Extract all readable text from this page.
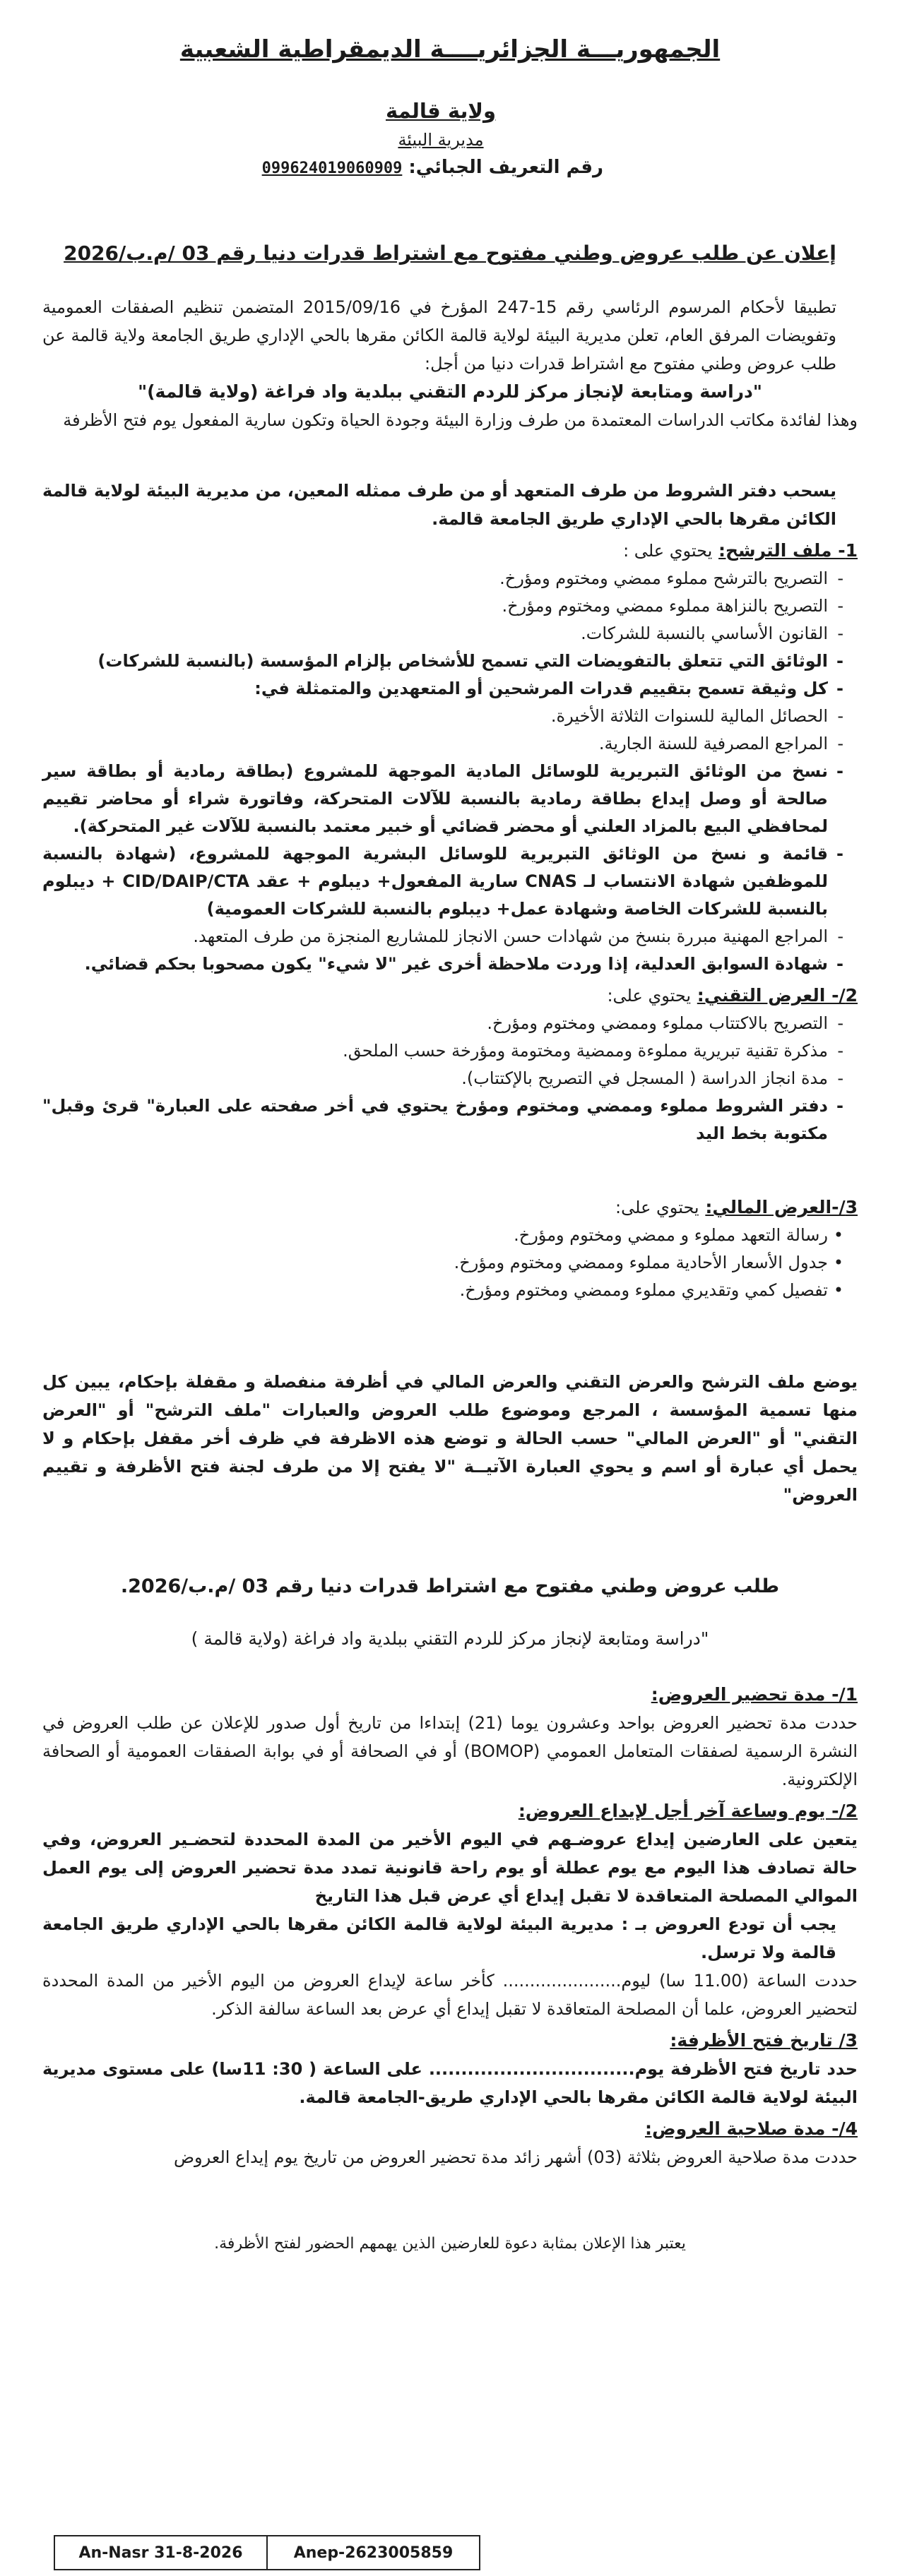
الجمهوريـــة الجزائريــــة الديمقراطية الشعبية
ولاية قالمة
مديرية البيئة
رقم التعريف الجبائي: 099624019060909
إعلان عن طلب عروض وطني مفتوح مع اشتراط قدرات دنيا رقم 03 /م.ب/2026

تطبيقا لأحكام المرسوم الرئاسي رقم 15-247 المؤرخ في 2015/09/16 المتضمن تنظيم الصفقات العمومية وتفويضات المرفق العام، تعلن مديرية البيئة لولاية قالمة الكائن مقرها بالحي الإداري طريق الجامعة ولاية قالمة عن طلب عروض وطني مفتوح مع اشتراط قدرات دنيا من أجل:

"دراسة ومتابعة لإنجاز مركز للردم التقني ببلدية واد فراغة (ولاية قالمة)"

وهذا لفائدة مكاتب الدراسات المعتمدة من طرف وزارة البيئة وجودة الحياة وتكون سارية المفعول يوم فتح الأظرفة

يسحب دفتر الشروط من طرف المتعهد أو من طرف ممثله المعين، من مديرية البيئة لولاية قالمة الكائن مقرها بالحي الإداري طريق الجامعة قالمة.

1- ملف الترشح: يحتوي على :
- التصريح بالترشح مملوء ممضي ومختوم ومؤرخ.
- التصريح بالنزاهة مملوء ممضي ومختوم ومؤرخ.
- القانون الأساسي بالنسبة للشركات.
- الوثائق التي تتعلق بالتفويضات التي تسمح للأشخاص بإلزام المؤسسة (بالنسبة للشركات)
- كل وثيقة تسمح بتقييم قدرات المرشحين أو المتعهدين والمتمثلة في:
- الحصائل المالية للسنوات الثلاثة الأخيرة.
- المراجع المصرفية للسنة الجارية.
- نسخ من الوثائق التبريرية للوسائل المادية الموجهة للمشروع (بطاقة رمادية أو بطاقة سير صالحة أو وصل إيداع بطاقة رمادية بالنسبة للآلات المتحركة، وفاتورة شراء أو محاضر تقييم لمحافظي البيع بالمزاد العلني أو محضر قضائي أو خبير معتمد بالنسبة للآلات غير المتحركة).
- قائمة و نسخ من الوثائق التبريرية للوسائل البشرية الموجهة للمشروع، (شهادة بالنسبة للموظفين شهادة الانتساب لـ CNAS سارية المفعول+ ديبلوم + عقد CID/DAIP/CTA + ديبلوم بالنسبة للشركات الخاصة وشهادة عمل+ ديبلوم بالنسبة للشركات العمومية)
- المراجع المهنية مبررة بنسخ من شهادات حسن الانجاز للمشاريع المنجزة من طرف المتعهد.
- شهادة السوابق العدلية، إذا وردت ملاحظة أخرى غير "لا شيء" يكون مصحوبا بحكم قضائي.
2/- العرض التقني: يحتوي على:
- التصريح بالاكتتاب مملوء وممضي ومختوم ومؤرخ.
- مذكرة تقنية تبريرية مملوءة وممضية ومختومة ومؤرخة حسب الملحق.
- مدة انجاز الدراسة ( المسجل في التصريح بالإكتتاب).
- دفتر الشروط مملوء وممضي ومختوم ومؤرخ يحتوي في أخر صفحته على العبارة" قرئ وقبل" مكتوبة بخط اليد
3/-العرض المالي: يحتوي على:
• رسالة التعهد مملوء و ممضي ومختوم ومؤرخ.
• جدول الأسعار الأحادية مملوء وممضي ومختوم ومؤرخ.
• تفصيل كمي وتقديري مملوء وممضي ومختوم ومؤرخ.

يوضع ملف الترشح والعرض التقني والعرض المالي في أظرفة منفصلة و مقفلة بإحكام، يبين كل منها تسمية المؤسسة ، المرجع وموضوع طلب العروض والعبارات "ملف الترشح" أو "العرض التقني" أو "العرض المالي" حسب الحالة و توضع هذه الاظرفة في ظرف أخر مقفل بإحكام و لا يحمل أي عبارة أو اسم و يحوي العبارة الآتيــة "لا يفتح إلا من طرف لجنة فتح الأظرفة و تقييم العروض"

طلب عروض وطني مفتوح مع اشتراط قدرات دنيا رقم 03 /م.ب/2026.
"دراسة ومتابعة لإنجاز مركز للردم التقني ببلدية واد فراغة (ولاية قالمة )
1/- مدة تحضير العروض:

حددت مدة تحضير العروض بواحد وعشرون يوما (21) إبتداءا من تاريخ أول صدور للإعلان عن طلب العروض في النشرة الرسمية لصفقات المتعامل العمومي (BOMOP) أو في الصحافة أو في بوابة الصفقات العمومية أو الصحافة الإلكترونية.

2/- يوم وساعة آخر أجل لإيداع العروض:

يتعين على العارضين إيداع عروضـهم في اليوم الأخير من المدة المحددة لتحضـير العروض، وفي حالة تصادف هذا اليوم مع يوم عطلة أو يوم راحة قانونية تمدد مدة تحضير العروض إلى يوم العمل الموالي المصلحة المتعاقدة لا تقبل إيداع أي عرض قبل هذا التاريخ

يجب أن تودع العروض بـ : مديرية البيئة لولاية قالمة الكائن مقرها بالحي الإداري طريق الجامعة قالمة ولا ترسل.

حددت الساعة (11.00 سا) ليوم...................... كأخر ساعة لإيداع العروض من اليوم الأخير من المدة المحددة لتحضير العروض، علما أن المصلحة المتعاقدة لا تقبل إيداع أي عرض بعد الساعة سالفة الذكر.

3/ تاريخ فتح الأظرفة:

حدد تاريخ فتح الأظرفة يوم................................ على الساعة ( 30: 11سا) على مستوى مديرية البيئة لولاية قالمة الكائن مقرها بالحي الإداري طريق-الجامعة قالمة.

4/- مدة صلاحية العروض:

حددت مدة صلاحية العروض بثلاثة (03) أشهر زائد مدة تحضير العروض من تاريخ يوم إيداع العروض

يعتبر هذا الإعلان بمثابة دعوة للعارضين الذين يهمهم الحضور لفتح الأظرفة.

An-Nasr 31-8-2026	Anep-2623005859
